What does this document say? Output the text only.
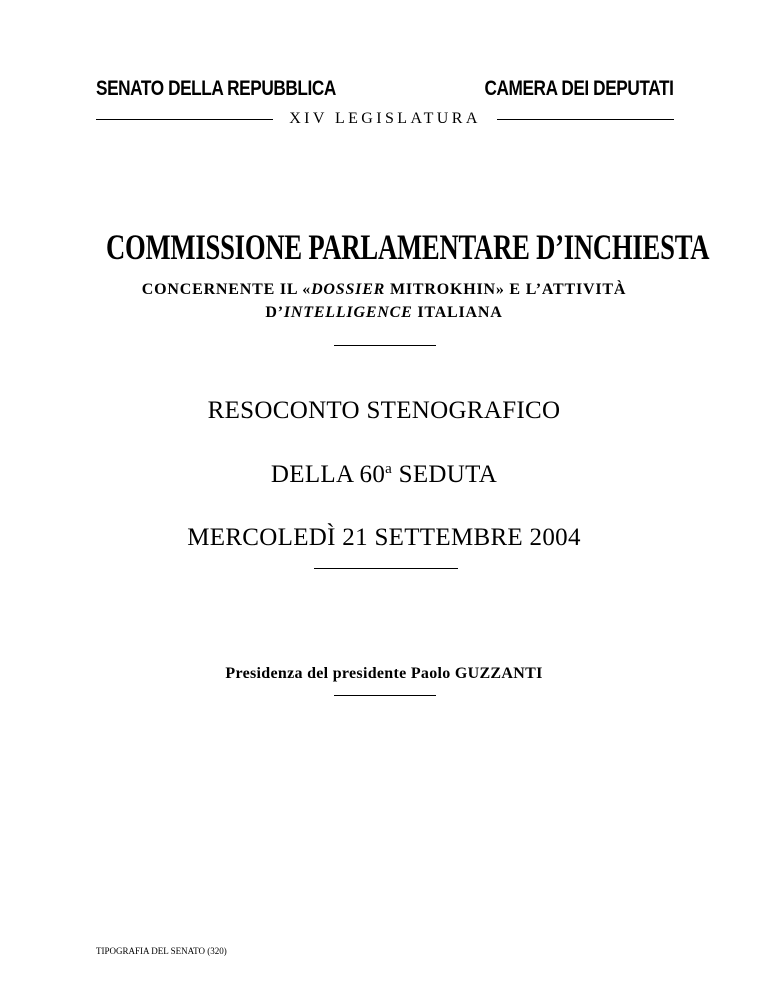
SENATO DELLA REPUBBLICA	CAMERA DEI DEPUTATI
XIV LEGISLATURA
COMMISSIONE PARLAMENTARE D’INCHIESTA
CONCERNENTE IL «DOSSIER MITROKHIN» E L’ATTIVITÀ
D’INTELLIGENCE ITALIANA
RESOCONTO STENOGRAFICO
DELLA 60$^a$ SEDUTA
MERCOLEDÌ 21 SETTEMBRE 2004
Presidenza del presidente Paolo GUZZANTI
TIPOGRAFIA DEL SENATO (320)
